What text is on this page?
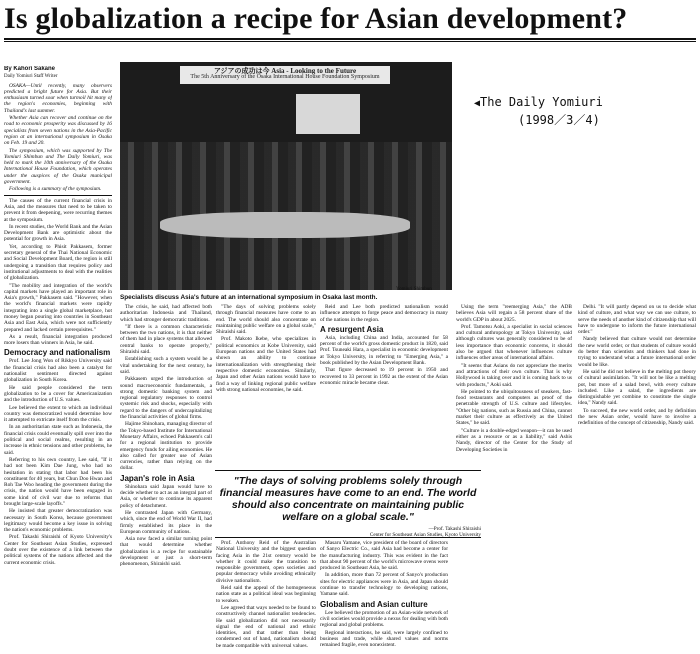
Is globalization a recipe for Asian development?
By Kahori Sakane
Daily Yomiuri Staff Writer

OSAKA—Until recently, many observers predicted a bright future for Asia. But their enthusiasm turned sour when turmoil hit many of the region's economies, beginning with Thailand's last summer.

Whether Asia can recover and continue on the road to economic prosperity was discussed by 16 specialists from seven nations in the Asia-Pacific region at an international symposium in Osaka on Feb. 19 and 20.

The symposium, which was supported by The Yomiuri Shimbun and The Daily Yomiuri, was held to mark the 10th anniversary of the Osaka International House Foundation, which operates under the auspices of the Osaka municipal government.

Following is a summary of the symposium.

The causes of the current financial crisis in Asia, and the measures that need to be taken to prevent it from deepening, were recurring themes at the symposium.

In recent studies, the World Bank and the Asian Development Bank are optimistic about the potential for growth in Asia.

Yet, according to Phisit Pakkasem, former secretary general of the Thai National Economic and Social Development Board, the region is still undergoing a transition that requires policy and institutional adjustments to deal with the realities of globalization.

"The mobility and integration of the world's capital markets have played an important role in Asia's growth," Pakkasem said. "However, when the world's financial markets were rapidly integrating into a single global marketplace, hot money began pouring into countries in Southeast Asia and East Asia, which were not sufficiently prepared and lacked certain prerequisites."

As a result, financial integration produced more losers than winners in Asia, he said.

Democracy and nationalism

Prof. Lee Jong Won of Rikkyo University said the financial crisis had also been a catalyst for nationalist sentiment directed against globalization in South Korea.

He said people considered the term globalization to be a cover for Americanization and the introduction of U.S. values.

Lee believed the extent to which an individual country was democratized would determine how it attempted to extricate itself from the crisis.

In an authoritarian state such as Indonesia, the financial crisis could eventually spill over into the political and social realms, resulting in an increase in ethnic tensions and other problems, he said.

Referring to his own country, Lee said, "If it had not been Kim Dae Jung, who had no hesitation in stating that labor had been his constituent for 40 years, but Chun Doo Hwan and Roh Tae Woo heading the government during the crisis, the nation would have been engaged in some kind of civil war due to reforms that brought large-scale layoffs."

He insisted that greater democratization was necessary in South Korea, because government legitimacy would become a key issue in solving the nation's economic problems.

Prof. Takashi Shiraishi of Kyoto University's Center for Southeast Asian Studies, expressed doubt over the existence of a link between the political systems of the nations affected and the current economic crisis.

アジアの成功は今 Asia - Looking to the Future
The 5th Anniversary of the Osaka International House Foundation Symposium
Yomiuri Shimbun
Specialists discuss Asia's future at an international symposium in Osaka last month.
◀The Daily Yomiuri
(1998／3／4)

The crisis, he said, had affected both authoritarian Indonesia and Thailand, which had stronger democratic traditions.

"If there is a common characteristic between the two nations, it is that neither of them had in place systems that allowed central banks to operate properly," Shiraishi said.

Establishing such a system would be a vital undertaking for the next century, he said.

Pakkasem urged the introduction of sound macroeconomic fundamentals, a strong domestic banking system and regional regulatory responses to control systemic risk and shocks, especially with regard to the dangers of undercapitalizing the financial activities of global firms.

Hajime Shinohara, managing director of the Tokyo-based Institute for International Monetary Affairs, echoed Pakkasem's call for a regional institution to provide emergency funds for ailing economies. He also called for greater use of Asian currencies, rather than relying on the dollar.

Japan's role in Asia

Shinohara said Japan would have to decide whether to act as an integral part of Asia, or whether to continue its apparent policy of detachment.

He contrasted Japan with Germany, which, since the end of World War II, had firmly established its place in the European community of nations.

Asia now faced a similar turning point that would determine whether globalization is a recipe for sustainable development or just a short-term phenomenon, Shiraishi said.

"The days of solving problems solely through financial measures have come to an end. The world should also concentrate on maintaining public welfare on a global scale," Shiraishi said.

Prof. Makoto Ikebe, who specializes in political economics at Kobe University, said European nations and the United States had shown an ability to continue internationalization with strengthening their respective domestic economies. Similarly, Japan and other Asian nations would have to find a way of linking regional public welfare with strong national economies, he said.

Prof. Anthony Reid of the Australian National University and the biggest question facing Asia in the 21st century would be whether it could make the transition to responsible government, open societies and popular democracy while avoiding ethnically divisive nationalism.

Reid said the appeal of the homogeneous nation state as a political ideal was beginning to weaken.

Lee agreed that ways needed to be found to constructively channel nationalist tendencies. He said globalization did not necessarily signal the end of national and ethnic identities, and that rather than being condemned out of hand, nationalism should be made compatible with universal values.

Reid and Lee both predicted nationalism would influence attempts to forge peace and democracy in many of the nations in the region.

A resurgent Asia

Asia, including China and India, accounted for 58 percent of the world's gross domestic product in 1820, said Prof. Tsuneaki Hara, a specialist in economic development at Tokyo University, in referring to "Emerging Asia," a book published by the Asian Development Bank.

That figure decreased to 19 percent in 1950 and recovered to 33 percent in 1992 as the extent of the Asian economic miracle became clear.

Masaru Yamane, vice president of the board of directors of Sanyo Electric Co., said Asia had become a center for the manufacturing industry. This was evident in the fact that about 90 percent of the world's microwave ovens were produced in Southeast Asia, he said.

In addition, more than 72 percent of Sanyo's production sites for electric appliances were in Asia, and Japan should continue to transfer technology to developing nations, Yamane said.

Globalism and Asian culture

Lee believed the promotion of an Asian-wide network of civil societies would provide a nexus for dealing with both regional and global problems.

Regional interactions, he said, were largely confined to business and trade, while shared values and norms remained fragile, even nonexistent.

Using the term "reemerging Asia," the ADB believes Asia will regain a 58 percent share of the world's GDP in about 2025.

Prof. Tamotsu Aoki, a specialist in social sciences and cultural anthropology at Tokyo University, said although cultures was generally considered to be of less importance than economic concerns, it should also be argued that whenever influences culture influences other areas of international affairs.

"It seems that Asians do not appreciate the merits and attractions of their own culture. That is why Hollywood is taking over and it is coming back to us with products," Aoki said.

He pointed to the ubiquitousness of sneakers, fast-food restaurants and computers as proof of the penetrable strength of U.S. culture and lifestyles. "Other big nations, such as Russia and China, cannot market their culture as effectively as the United States," he said.

"Culture is a double-edged weapon—it can be used either as a resource or as a liability," said Ashis Nandy, director of the Center for the Study of Developing Societies in

Delhi. "It will partly depend on us to decide what kind of culture, and what way we can use culture, to serve the needs of another kind of citizenship that will have to undergone to inform the future international order."

Nandy believed that culture would not determine the new world order, or that students of culture would do better than scientists and thinkers had done in trying to understand what a future international order would be like.

He said he did not believe in the melting pot theory of cultural assimilation. "It will not be like a melting pot, but more of a salad bowl, with every culture included. Like a salad, the ingredients are distinguishable yet combine to constitute the single idea," Nandy said.

To succeed, the new world order, and by definition the new Asian order, would have to involve a redefinition of the concept of citizenship, Nandy said.

"The days of solving problems solely through financial measures have come to an end. The world should also concentrate on maintaining public welfare on a global scale."
—Prof. Takashi Shiraishi
Center for Southeast Asian Studies, Kyoto University
